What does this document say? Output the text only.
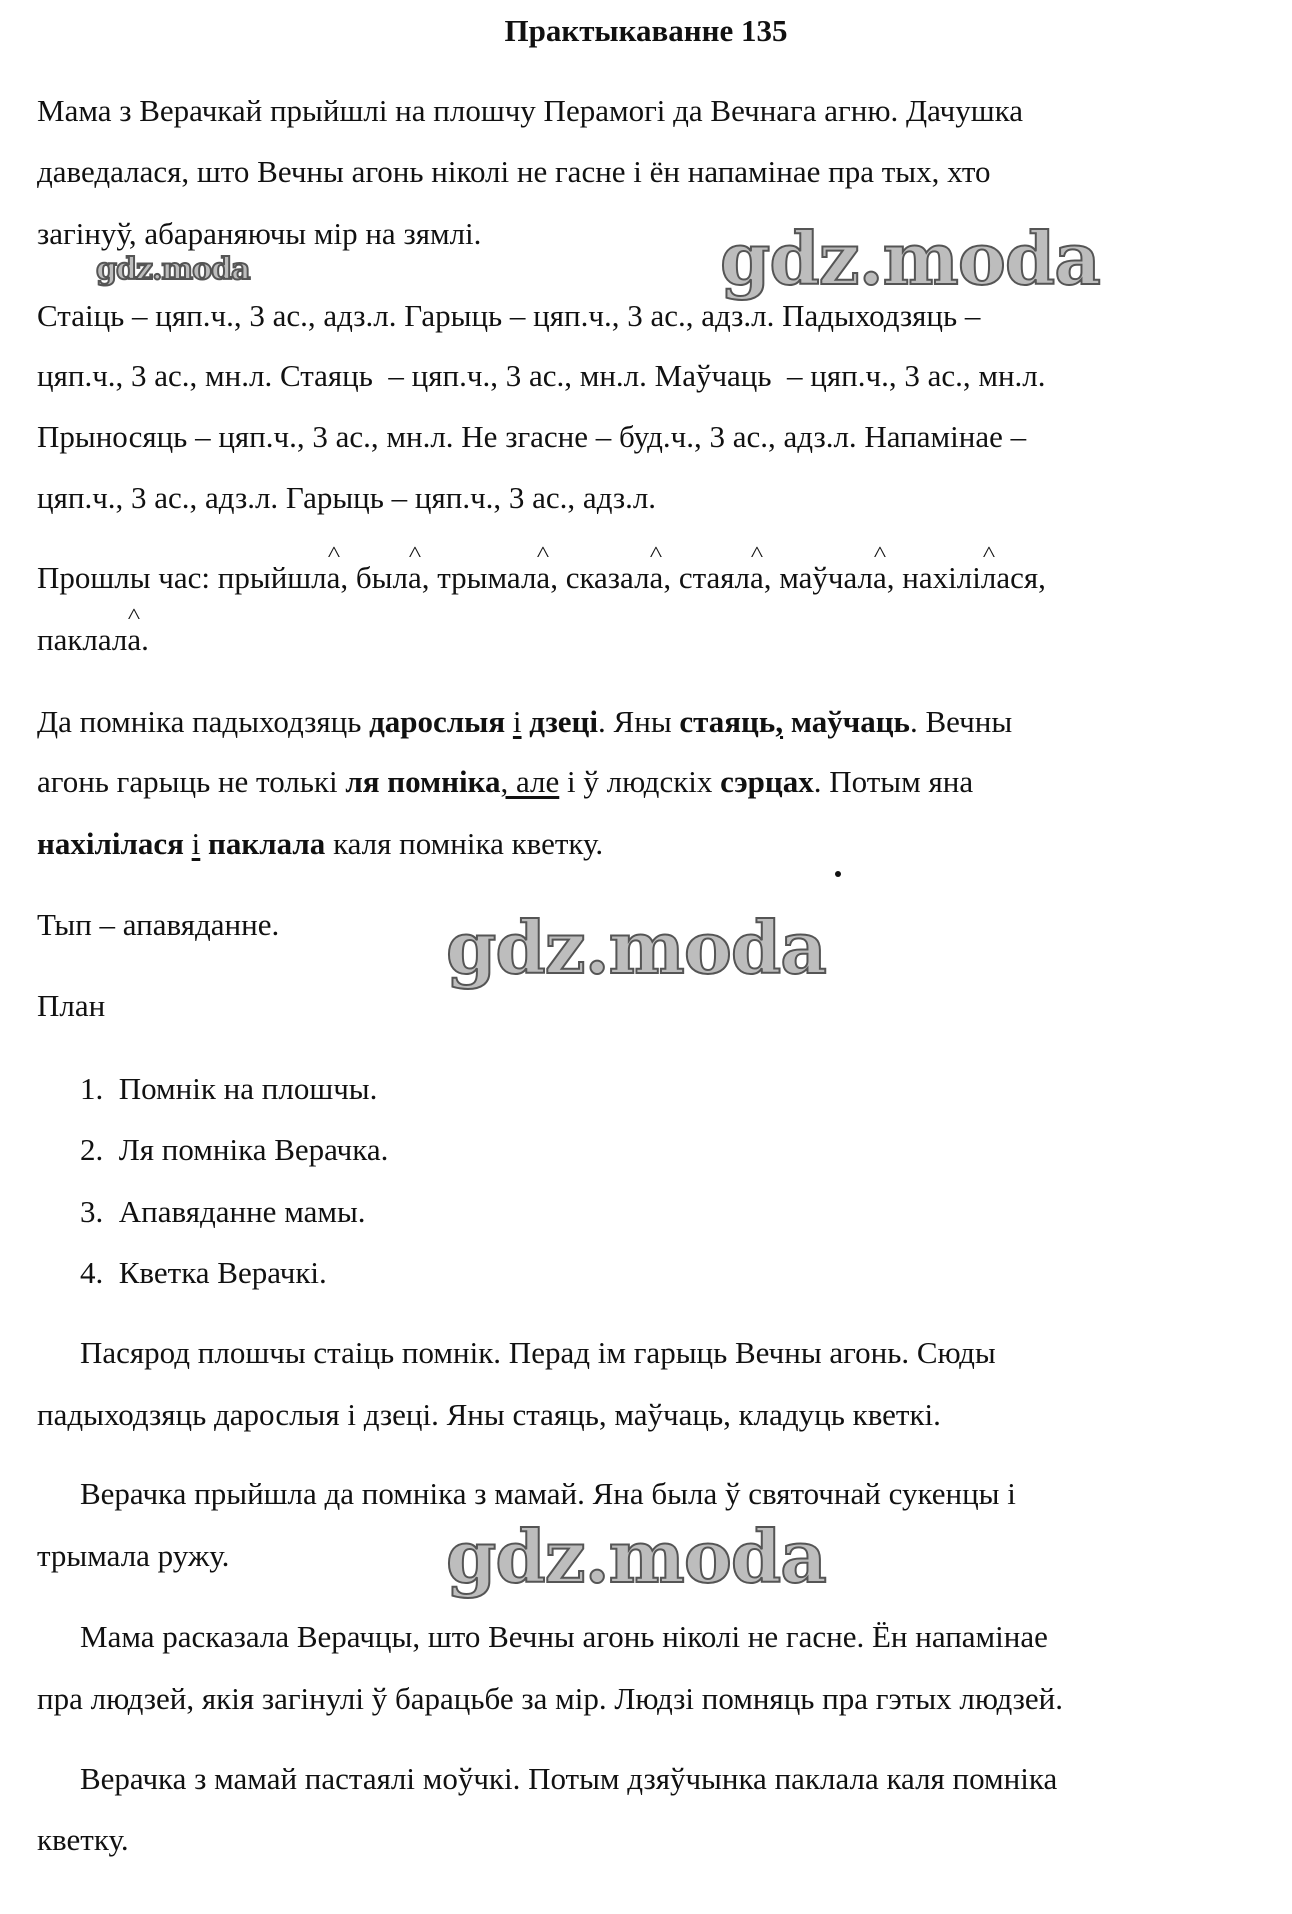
Практыкаванне 135
Мама з Верачкай прыйшлі на плошчу Перамогі да Вечнага агню. Дачушка
даведалася, што Вечны агонь ніколі не гасне і ён напамінае пра тых, хто
загінуў, абараняючы мір на зямлі.
Стаіць – цяп.ч., 3 ас., адз.л. Гарыць – цяп.ч., 3 ас., адз.л. Падыходзяць –
цяп.ч., 3 ас., мн.л. Стаяць  – цяп.ч., 3 ас., мн.л. Маўчаць  – цяп.ч., 3 ас., мн.л.
Прыносяць – цяп.ч., 3 ас., мн.л. Не згасне – буд.ч., 3 ас., адз.л. Напамінае –
цяп.ч., 3 ас., адз.л. Гарыць – цяп.ч., 3 ас., адз.л.
Прошлы час: прыйшл^ а, был^ а, трымал^ а, сказал^ а, стаял^ а, маўчал^ а, нахілі^ лася,
паклал^ а.
Да помніка падыходзяць дарослыя і дзеці. Яны стаяць, маўчаць. Вечны
агонь гарыць не толькі ля помніка, але і ў людскіх сэрцах. Потым яна
нахілілася і паклала каля помніка кветку.
Тып – апавяданне.
План
1.  Помнік на плошчы.
2.  Ля помніка Верачка.
3.  Апавяданне мамы.
4.  Кветка Верачкі.
Пасярод плошчы стаіць помнік. Перад ім гарыць Вечны агонь. Сюды
падыходзяць дарослыя і дзеці. Яны стаяць, маўчаць, кладуць кветкі.
Верачка прыйшла да помніка з мамай. Яна была ў святочнай сукенцы і
трымала ружу.
Мама расказала Верачцы, што Вечны агонь ніколі не гасне. Ён напамінае
пра людзей, якія загінулі ў барацьбе за мір. Людзі помняць пра гэтых людзей.
Верачка з мамай пастаялі моўчкі. Потым дзяўчынка паклала каля помніка
кветку.
gdz.moda	gdz.moda
gdz.moda
gdz.moda
